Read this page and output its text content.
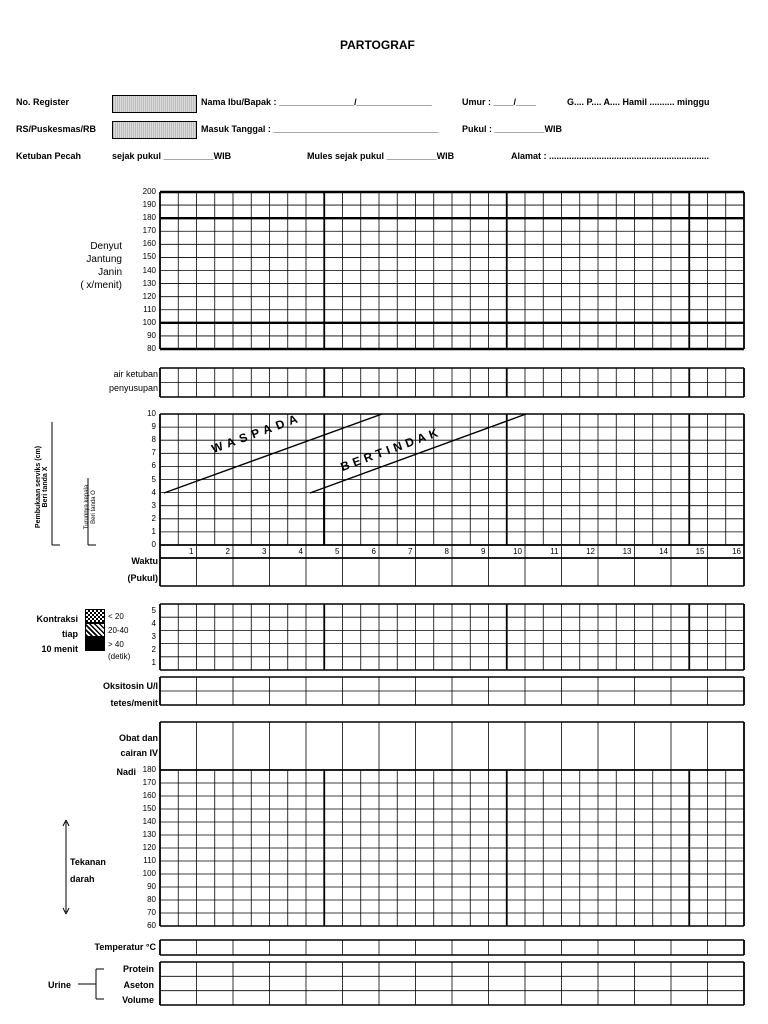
PARTOGRAF
No. Register	Nama Ibu/Bapak : _______________/_______________	Umur : ____/____	G.... P.... A.... Hamil .......... minggu
RS/Puskesmas/RB	Masuk Tanggal : _________________________________	Pukul : __________WIB
Ketuban Pecah	sejak pukul __________WIB	Mules sejak pukul __________WIB	Alamat : ................................................................
Denyut
Jantung
Janin
( x/menit)
200
190
180
170
160
150
140
130
120
110
100
90
80
air ketuban
penyusupan
10
9
8
7
6
5
4
3
2
1
0
Pembukaan serviks (cm) Beri tanda X	Turunnya kepala Beri tanda O
WASPADA	BERTINDAK
1	2	3	4	5	6	7	8	9	10	11	12	13	14	15	16
Waktu
(Pukul)
Kontraksi
tiap
10 menit
< 20
20-40
> 40
(detik)
5
4
3
2
1
Oksitosin U/l
tetes/menit
Obat dan
cairan IV
Nadi 180
170
160
150
140
130
120
110
100
90
80
70
60
Tekanan
darah
Temperatur °C
Urine
Protein
Aseton
Volume
